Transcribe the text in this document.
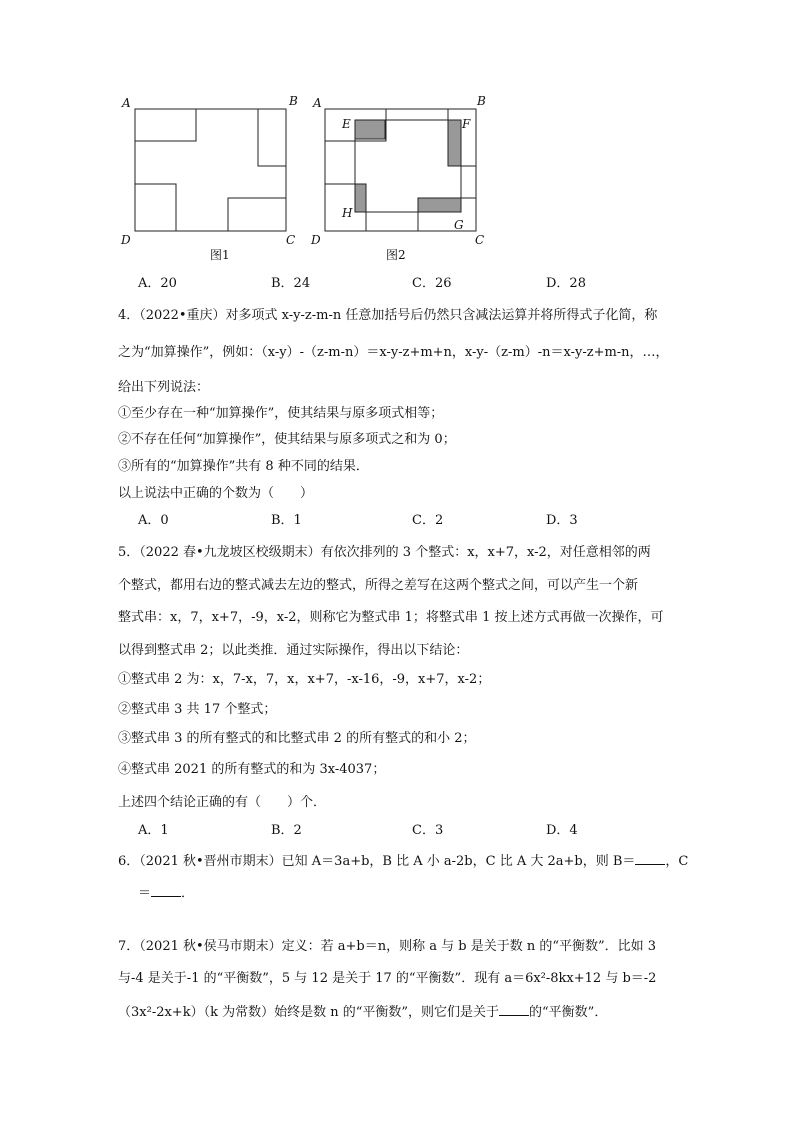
A	B
C
D
图1
A	B
C
D
E	F
G
H
图2
A．20	B．24	C．26	D．28
4．（2022•重庆）对多项式 x-y-z-m-n 任意加括号后仍然只含减法运算并将所得式子化简，称
之为“加算操作”，例如：（x-y）-（z-m-n）＝x-y-z+m+n，x-y-（z-m）-n＝x-y-z+m-n，…，
给出下列说法：
①至少存在一种“加算操作”，使其结果与原多项式相等；
②不存在任何“加算操作”，使其结果与原多项式之和为 0；
③所有的“加算操作”共有 8 种不同的结果．
以上说法中正确的个数为（　　）
A．0	B．1	C．2	D．3
5．（2022 春•九龙坡区校级期末）有依次排列的 3 个整式：x，x+7，x-2，对任意相邻的两
个整式，都用右边的整式减去左边的整式，所得之差写在这两个整式之间，可以产生一个新
整式串：x，7，x+7，-9，x-2，则称它为整式串 1；将整式串 1 按上述方式再做一次操作，可
以得到整式串 2；以此类推．通过实际操作，得出以下结论：
①整式串 2 为：x，7-x，7，x，x+7，-x-16，-9，x+7，x-2；
②整式串 3 共 17 个整式；
③整式串 3 的所有整式的和比整式串 2 的所有整式的和小 2；
④整式串 2021 的所有整式的和为 3x-4037；
上述四个结论正确的有（　　）个．
A．1	B．2	C．3	D．4
6．（2021 秋•晋州市期末）已知 A＝3a+b，B 比 A 小 a-2b，C 比 A 大 2a+b，则 B＝ ，C
＝ ．
7．（2021 秋•侯马市期末）定义：若 a+b＝n，则称 a 与 b 是关于数 n 的“平衡数”．比如 3
与-4 是关于-1 的“平衡数”，5 与 12 是关于 17 的“平衡数”．现有 a＝6x²-8kx+12 与 b＝-2
（3x²-2x+k）（k 为常数）始终是数 n 的“平衡数”，则它们是关于 的“平衡数”．
